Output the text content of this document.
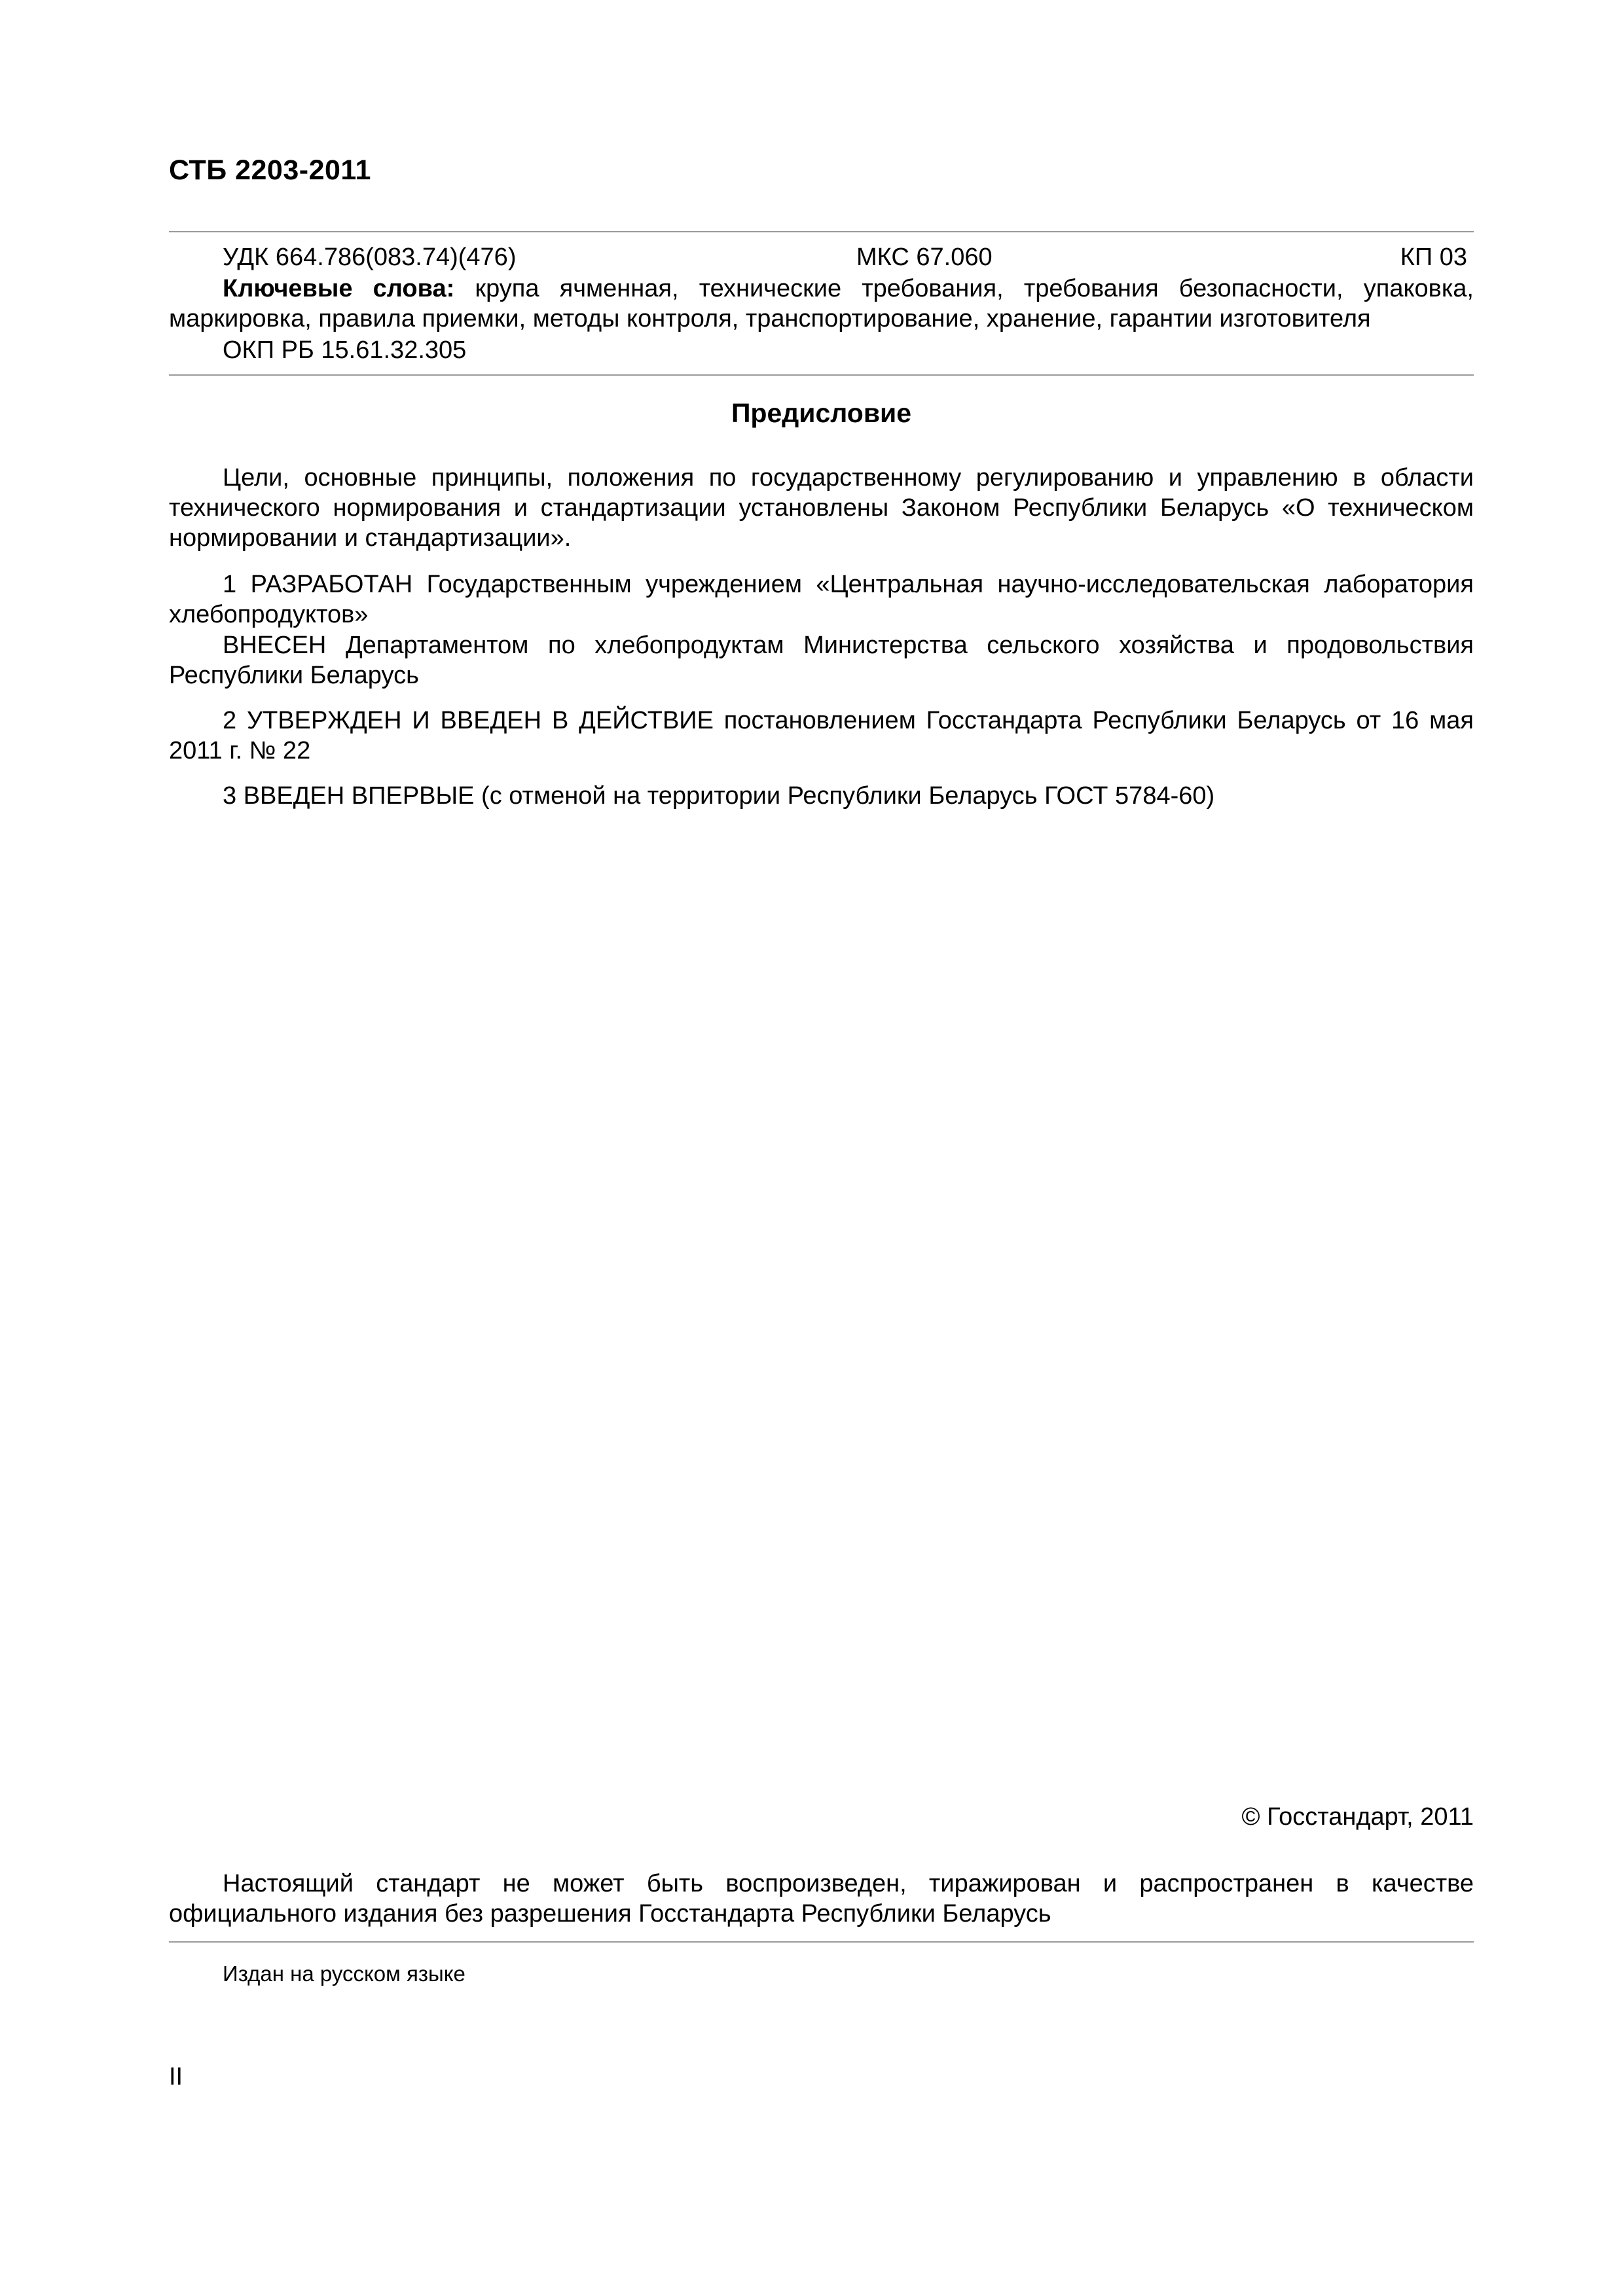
СТБ 2203-2011
УДК 664.786(083.74)(476)	МКС 67.060	КП 03
Ключевые слова: крупа ячменная, технические требования, требования безопасности, упаковка, маркировка, правила приемки, методы контроля, транспортирование, хранение, гарантии изготовителя
ОКП РБ 15.61.32.305
Предисловие

Цели, основные принципы, положения по государственному регулированию и управлению в области технического нормирования и стандартизации установлены Законом Республики Беларусь «О техническом нормировании и стандартизации».

1 РАЗРАБОТАН Государственным учреждением «Центральная научно-исследовательская лаборатория хлебопродуктов»

ВНЕСЕН Департаментом по хлебопродуктам Министерства сельского хозяйства и продовольствия Республики Беларусь

2 УТВЕРЖДЕН И ВВЕДЕН В ДЕЙСТВИЕ постановлением Госстандарта Республики Беларусь от 16 мая 2011 г. № 22

3 ВВЕДЕН ВПЕРВЫЕ (с отменой на территории Республики Беларусь ГОСТ 5784-60)

© Госстандарт, 2011

Настоящий стандарт не может быть воспроизведен, тиражирован и распространен в качестве официального издания без разрешения Госстандарта Республики Беларусь

Издан на русском языке
II
